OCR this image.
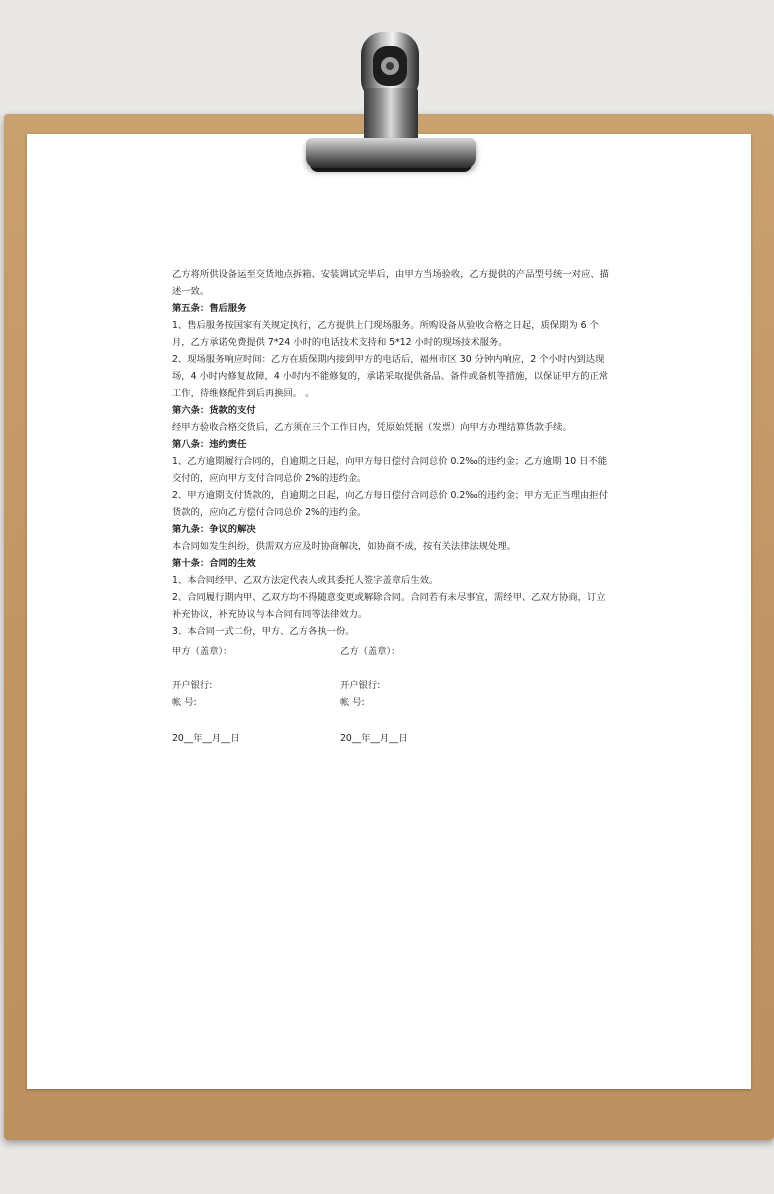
乙方将所供设备运至交货地点拆箱、安装调试完毕后，由甲方当场验收，乙方提供的产品型号统一对应、描述一致。

第五条：售后服务

1、售后服务按国家有关规定执行，乙方提供上门现场服务。所购设备从验收合格之日起，质保期为 6 个月，乙方承诺免费提供 7*24 小时的电话技术支持和 5*12 小时的现场技术服务。

2、现场服务响应时间：乙方在质保期内接到甲方的电话后，福州市区 30 分钟内响应，2 个小时内到达现场，4 小时内修复故障，4 小时内不能修复的，承诺采取提供备品、备件或备机等措施，以保证甲方的正常工作，待维修配件到后再换回。 。

第六条：货款的支付

经甲方验收合格交货后，乙方须在三个工作日内，凭原始凭据（发票）向甲方办理结算货款手续。

第八条：违约责任

1、乙方逾期履行合同的，自逾期之日起，向甲方每日偿付合同总价 0.2‰的违约金；乙方逾期 10 日不能交付的，应向甲方支付合同总价 2%的违约金。

2、甲方逾期支付货款的，自逾期之日起，向乙方每日偿付合同总价 0.2‰的违约金；甲方无正当理由拒付货款的，应向乙方偿付合同总价 2%的违约金。

第九条：争议的解决

本合同如发生纠纷，供需双方应及时协商解决，如协商不成，按有关法律法规处理。

第十条：合同的生效

1、本合同经甲、乙双方法定代表人或其委托人签字盖章后生效。

2、合同履行期内甲、乙双方均不得随意变更或解除合同。合同若有未尽事宜，需经甲、乙双方协商，订立补充协议，补充协议与本合同有同等法律效力。

3、本合同一式二份，甲方、乙方各执一份。

甲方（盖章）：	乙方（盖章）：
开户银行:	开户银行:
帐 号:	帐 号:
20__年__月__日	20__年__月__日
